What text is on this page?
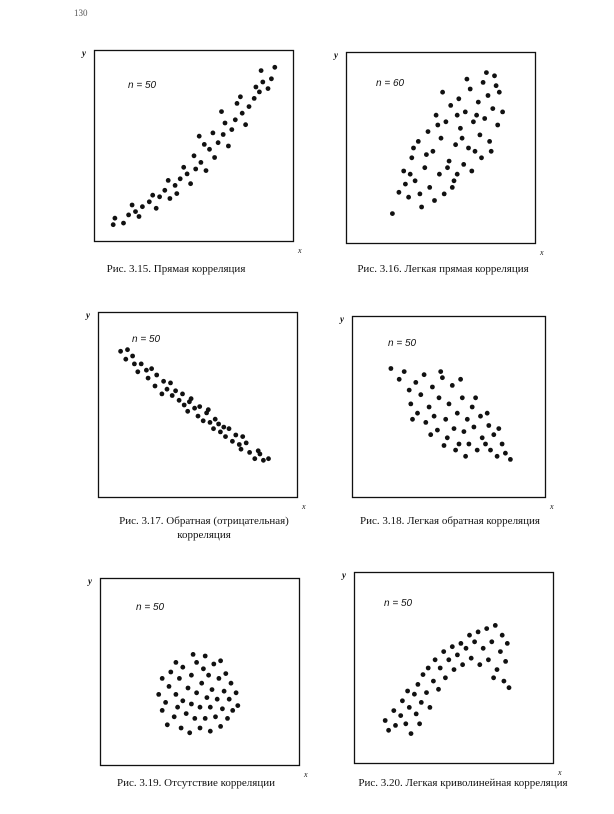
130
y
x
n = 50
y
x
n = 60
y
x
n = 50
y
x
n = 50
y
x
n = 50
y
x
n = 50
Рис. 3.15. Прямая корреляция	Рис. 3.16. Легкая прямая корреляция
Рис. 3.17. Обратная (отрицательная)
корреляция
Рис. 3.18. Легкая обратная корреляция
Рис. 3.19. Отсутствие корреляции	Рис. 3.20. Легкая криволинейная корреляция
